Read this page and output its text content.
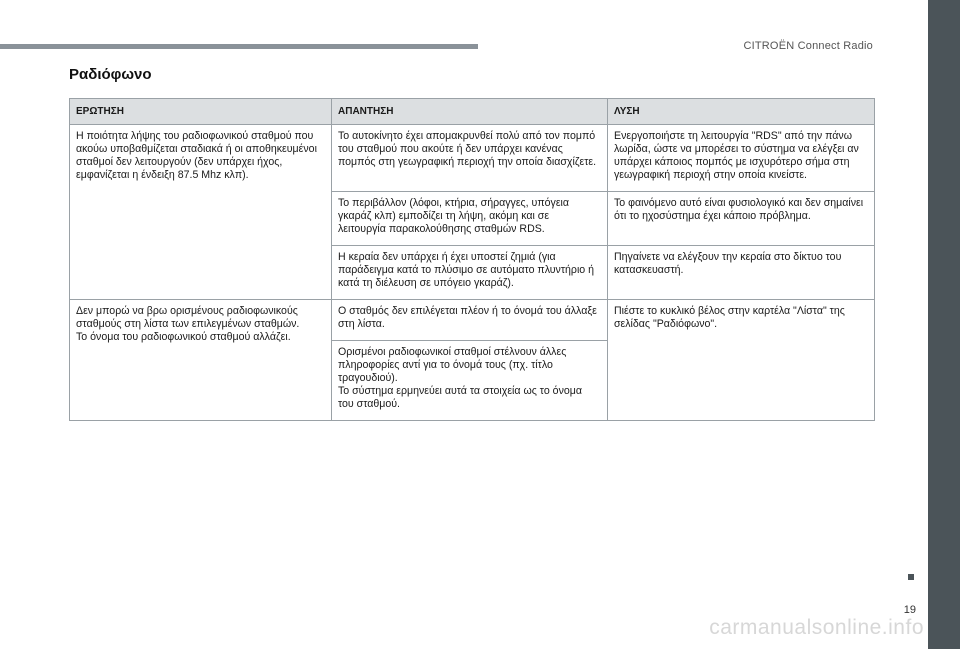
CITROËN Connect Radio
Ραδιόφωνο
ΕΡΩΤΗΣΗ	ΑΠΑΝΤΗΣΗ	ΛΥΣΗ

Η ποιότητα λήψης του ραδιοφωνικού σταθμού που
ακούω υποβαθμίζεται σταδιακά ή οι αποθηκευμένοι
σταθμοί δεν λειτουργούν (δεν υπάρχει ήχος,
εμφανίζεται η ένδειξη 87.5 Mhz κλπ).	Το αυτοκίνητο έχει απομακρυνθεί πολύ από τον πομπό
του σταθμού που ακούτε ή δεν υπάρχει κανένας
πομπός στη γεωγραφική περιοχή την οποία διασχίζετε.	Ενεργοποιήστε τη λειτουργία "RDS" από την πάνω
λωρίδα, ώστε να μπορέσει το σύστημα να ελέγξει αν
υπάρχει κάποιος πομπός με ισχυρότερο σήμα στη
γεωγραφική περιοχή στην οποία κινείστε.

	Το περιβάλλον (λόφοι, κτήρια, σήραγγες, υπόγεια
γκαράζ κλπ) εμποδίζει τη λήψη, ακόμη και σε
λειτουργία παρακολούθησης σταθμών RDS.	Το φαινόμενο αυτό είναι φυσιολογικό και δεν σημαίνει
ότι το ηχοσύστημα έχει κάποιο πρόβλημα.

	Η κεραία δεν υπάρχει ή έχει υποστεί ζημιά (για
παράδειγμα κατά το πλύσιμο σε αυτόματο πλυντήριο ή
κατά τη διέλευση σε υπόγειο γκαράζ).	Πηγαίνετε να ελέγξουν την κεραία στο δίκτυο του
κατασκευαστή.

Δεν μπορώ να βρω ορισμένους ραδιοφωνικούς
σταθμούς στη λίστα των επιλεγμένων σταθμών.
Το όνομα του ραδιοφωνικού σταθμού αλλάζει.	Ο σταθμός δεν επιλέγεται πλέον ή το όνομά του άλλαξε
στη λίστα.	Πιέστε το κυκλικό βέλος στην καρτέλα "Λίστα" της
σελίδας "Ραδιόφωνο".

	Ορισμένοι ραδιοφωνικοί σταθμοί στέλνουν άλλες
πληροφορίες αντί για το όνομά τους (πχ. τίτλο
τραγουδιού).
Το σύστημα ερμηνεύει αυτά τα στοιχεία ως το όνομα
του σταθμού.	
19
carmanualsonline.info
